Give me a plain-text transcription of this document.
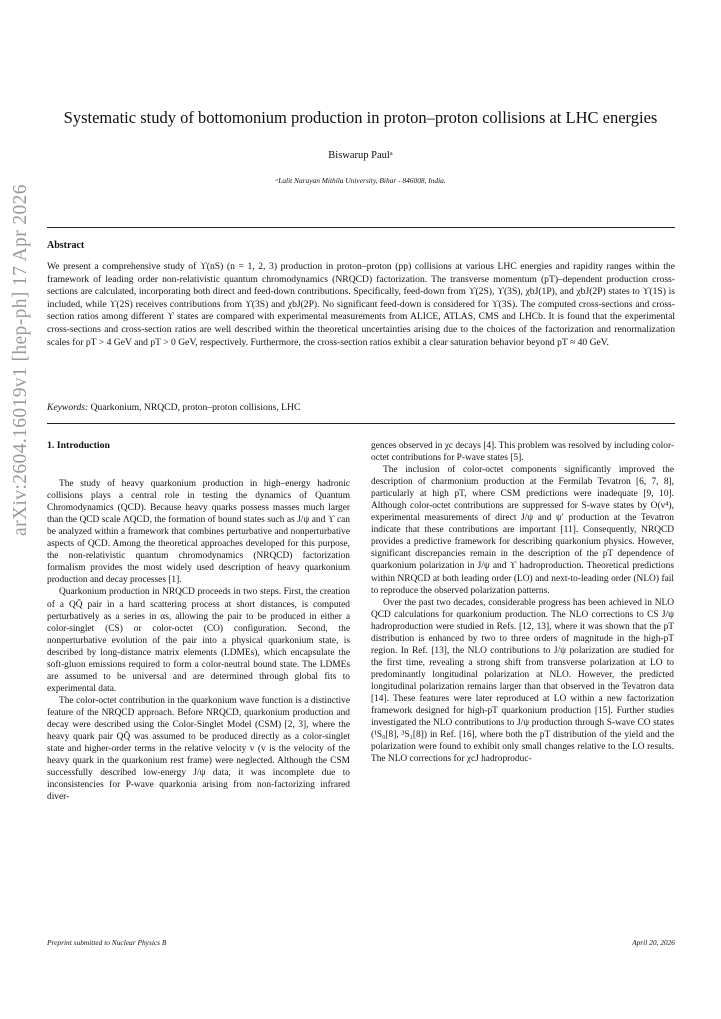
arXiv:2604.16019v1 [hep-ph] 17 Apr 2026
Systematic study of bottomonium production in proton–proton collisions at LHC energies
Biswarup Paulᵃ
ᵃLalit Narayan Mithila University, Bihar - 846008, India.
Abstract
We present a comprehensive study of ϒ(nS) (n = 1, 2, 3) production in proton–proton (pp) collisions at various LHC energies and rapidity ranges within the framework of leading order non-relativistic quantum chromodynamics (NRQCD) factorization. The transverse momentum (pT)–dependent production cross-sections are calculated, incorporating both direct and feed-down contributions. Specifically, feed-down from ϒ(2S), ϒ(3S), χbJ(1P), and χbJ(2P) states to ϒ(1S) is included, while ϒ(2S) receives contributions from ϒ(3S) and χbJ(2P). No significant feed-down is considered for ϒ(3S). The computed cross-sections and cross-section ratios among different ϒ states are compared with experimental measurements from ALICE, ATLAS, CMS and LHCb. It is found that the experimental cross-sections and cross-section ratios are well described within the theoretical uncertainties arising due to the choices of the factorization and renormalization scales for pT > 4 GeV and pT > 0 GeV, respectively. Furthermore, the cross-section ratios exhibit a clear saturation behavior beyond pT ≈ 40 GeV.
Keywords: Quarkonium, NRQCD, proton–proton collisions, LHC
1. Introduction

The study of heavy quarkonium production in high–energy hadronic collisions plays a central role in testing the dynamics of Quantum Chromodynamics (QCD). Because heavy quarks possess masses much larger than the QCD scale ΛQCD, the formation of bound states such as J/ψ and ϒ can be analyzed within a framework that combines perturbative and nonperturbative aspects of QCD. Among the theoretical approaches developed for this purpose, the non-relativistic quantum chromodynamics (NRQCD) factorization formalism provides the most widely used description of heavy quarkonium production and decay processes [1].

Quarkonium production in NRQCD proceeds in two steps. First, the creation of a QQ̄ pair in a hard scattering process at short distances, is computed perturbatively as a series in αs, allowing the pair to be produced in either a color-singlet (CS) or color-octet (CO) configuration. Second, the nonperturbative evolution of the pair into a physical quarkonium state, is described by long-distance matrix elements (LDMEs), which encapsulate the soft-gluon emissions required to form a color-neutral bound state. The LDMEs are assumed to be universal and are determined through global fits to experimental data.

The color-octet contribution in the quarkonium wave function is a distinctive feature of the NRQCD approach. Before NRQCD, quarkonium production and decay were described using the Color-Singlet Model (CSM) [2, 3], where the heavy quark pair QQ̄ was assumed to be produced directly as a color-singlet state and higher-order terms in the relative velocity v (v is the velocity of the heavy quark in the quarkonium rest frame) were neglected. Although the CSM successfully described low-energy J/ψ data, it was incomplete due to inconsistencies for P-wave quarkonia arising from non-factorizing infrared diver-

gences observed in χc decays [4]. This problem was resolved by including color-octet contributions for P-wave states [5].

The inclusion of color-octet components significantly improved the description of charmonium production at the Fermilab Tevatron [6, 7, 8], particularly at high pT, where CSM predictions were inadequate [9, 10]. Although color-octet contributions are suppressed for S-wave states by O(v⁴), experimental measurements of direct J/ψ and ψ′ production at the Tevatron indicate that these contributions are important [11]. Consequently, NRQCD provides a predictive framework for describing quarkonium physics. However, significant discrepancies remain in the description of the pT dependence of quarkonium polarization in J/ψ and ϒ hadroproduction. Theoretical predictions within NRQCD at both leading order (LO) and next-to-leading order (NLO) fail to reproduce the observed polarization patterns.

Over the past two decades, considerable progress has been achieved in NLO QCD calculations for quarkonium production. The NLO corrections to CS J/ψ hadroproduction were studied in Refs. [12, 13], where it was shown that the pT distribution is enhanced by two to three orders of magnitude in the high-pT region. In Ref. [13], the NLO contributions to J/ψ polarization are studied for the first time, revealing a strong shift from transverse polarization at LO to predominantly longitudinal polarization at NLO. However, the predicted longitudinal polarization remains larger than that observed in the Tevatron data [14]. These features were later reproduced at LO within a new factorization framework designed for high-pT quarkonium production [15]. Further studies investigated the NLO contributions to J/ψ production through S-wave CO states (¹S₀[8], ³S₁[8]) in Ref. [16], where both the pT distribution of the yield and the polarization were found to exhibit only small changes relative to the LO results. The NLO corrections for χcJ hadroproduc-

Preprint submitted to Nuclear Physics B	April 20, 2026
